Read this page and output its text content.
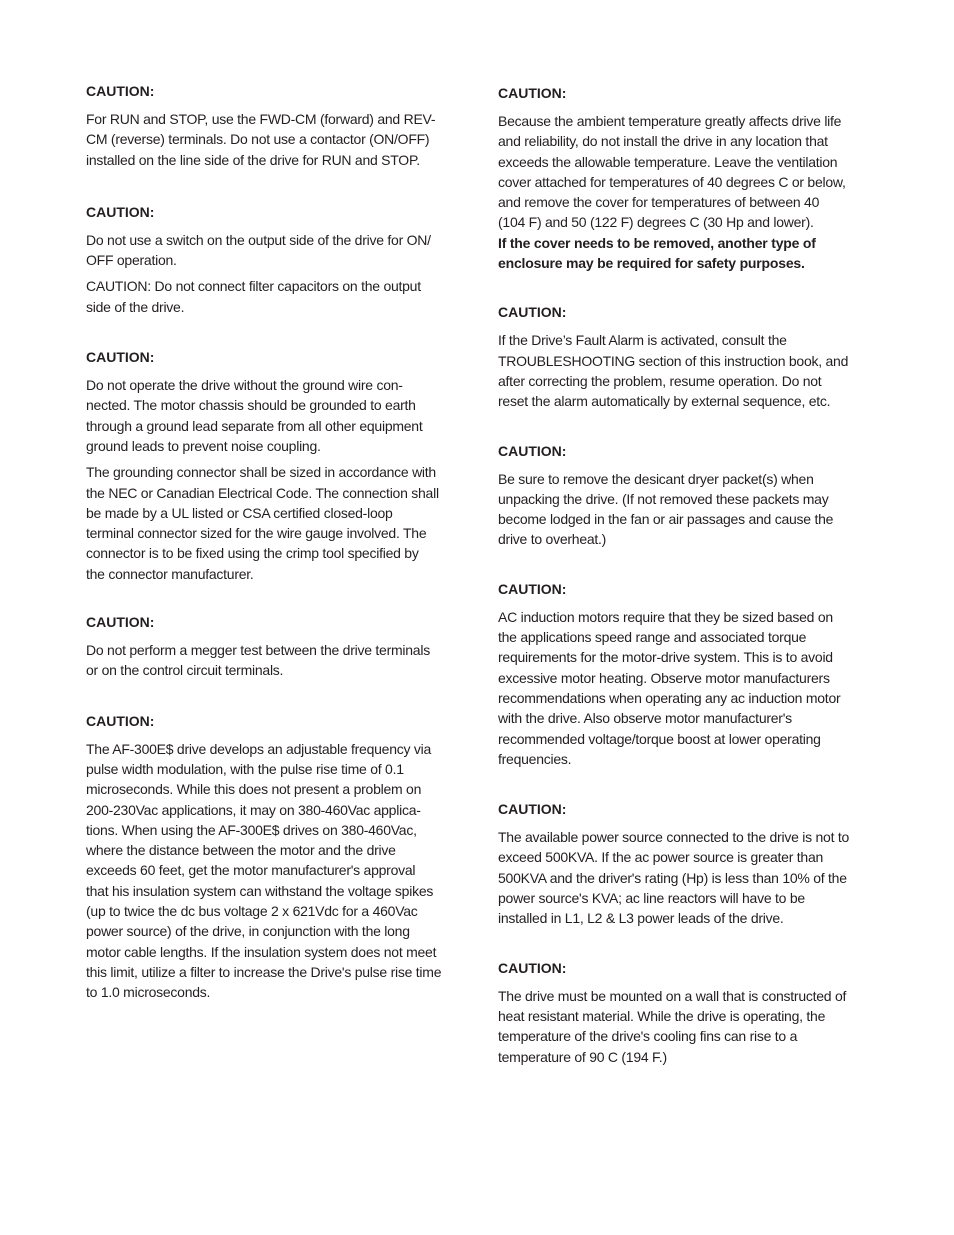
CAUTION:
For RUN and STOP, use the FWD-CM (forward) and REV-
CM (reverse) terminals. Do not use a contactor (ON/OFF)
installed on the line side of the drive for RUN and STOP.
CAUTION:
Do not use a switch on the output side of the drive for ON/
OFF operation.
CAUTION: Do not connect filter capacitors on the output
side of the drive.
CAUTION:
Do not operate the drive without the ground wire con-
nected. The motor chassis should be grounded to earth
through a ground lead separate from all other equipment
ground leads to prevent noise coupling.
The grounding connector shall be sized in accordance with
the NEC or Canadian Electrical Code. The connection shall
be made by a UL listed or CSA certified closed-loop
terminal connector sized for the wire gauge involved. The
connector is to be fixed using the crimp tool specified by
the connector manufacturer.
CAUTION:
Do not perform a megger test between the drive terminals
or on the control circuit terminals.
CAUTION:
The AF-300E$ drive develops an adjustable frequency via
pulse width modulation, with the pulse rise time of 0.1
microseconds. While this does not present a problem on
200-230Vac applications, it may on 380-460Vac applica-
tions. When using the AF-300E$ drives on 380-460Vac,
where the distance between the motor and the drive
exceeds 60 feet, get the motor manufacturer's approval
that his insulation system can withstand the voltage spikes
(up to twice the dc bus voltage 2 x 621Vdc for a 460Vac
power source) of the drive, in conjunction with the long
motor cable lengths. If the insulation system does not meet
this limit, utilize a filter to increase the Drive's pulse rise time
to 1.0 microseconds.
CAUTION:
Because the ambient temperature greatly affects drive life
and reliability, do not install the drive in any location that
exceeds the allowable temperature. Leave the ventilation
cover attached for temperatures of 40 degrees C or below,
and remove the cover for temperatures of between 40
(104 F) and 50 (122 F) degrees C (30 Hp and lower).
If the cover needs to be removed, another type of
enclosure may be required for safety purposes.
CAUTION:
If the Drive’s Fault Alarm is activated, consult the
TROUBLESHOOTING section of this instruction book, and
after correcting the problem, resume operation. Do not
reset the alarm automatically by external sequence, etc.
CAUTION:
Be sure to remove the desicant dryer packet(s) when
unpacking the drive. (If not removed these packets may
become lodged in the fan or air passages and cause the
drive to overheat.)
CAUTION:
AC induction motors require that they be sized based on
the applications speed range and associated torque
requirements for the motor-drive system. This is to avoid
excessive motor heating. Observe motor manufacturers
recommendations when operating any ac induction motor
with the drive. Also observe motor manufacturer's
recommended voltage/torque boost at lower operating
frequencies.
CAUTION:
The available power source connected to the drive is not to
exceed 500KVA. If the ac power source is greater than
500KVA and the driver's rating (Hp) is less than 10% of the
power source's KVA; ac line reactors will have to be
installed in L1, L2 & L3 power leads of the drive.
CAUTION:
The drive must be mounted on a wall that is constructed of
heat resistant material. While the drive is operating, the
temperature of the drive's cooling fins can rise to a
temperature of 90 C (194 F.)
